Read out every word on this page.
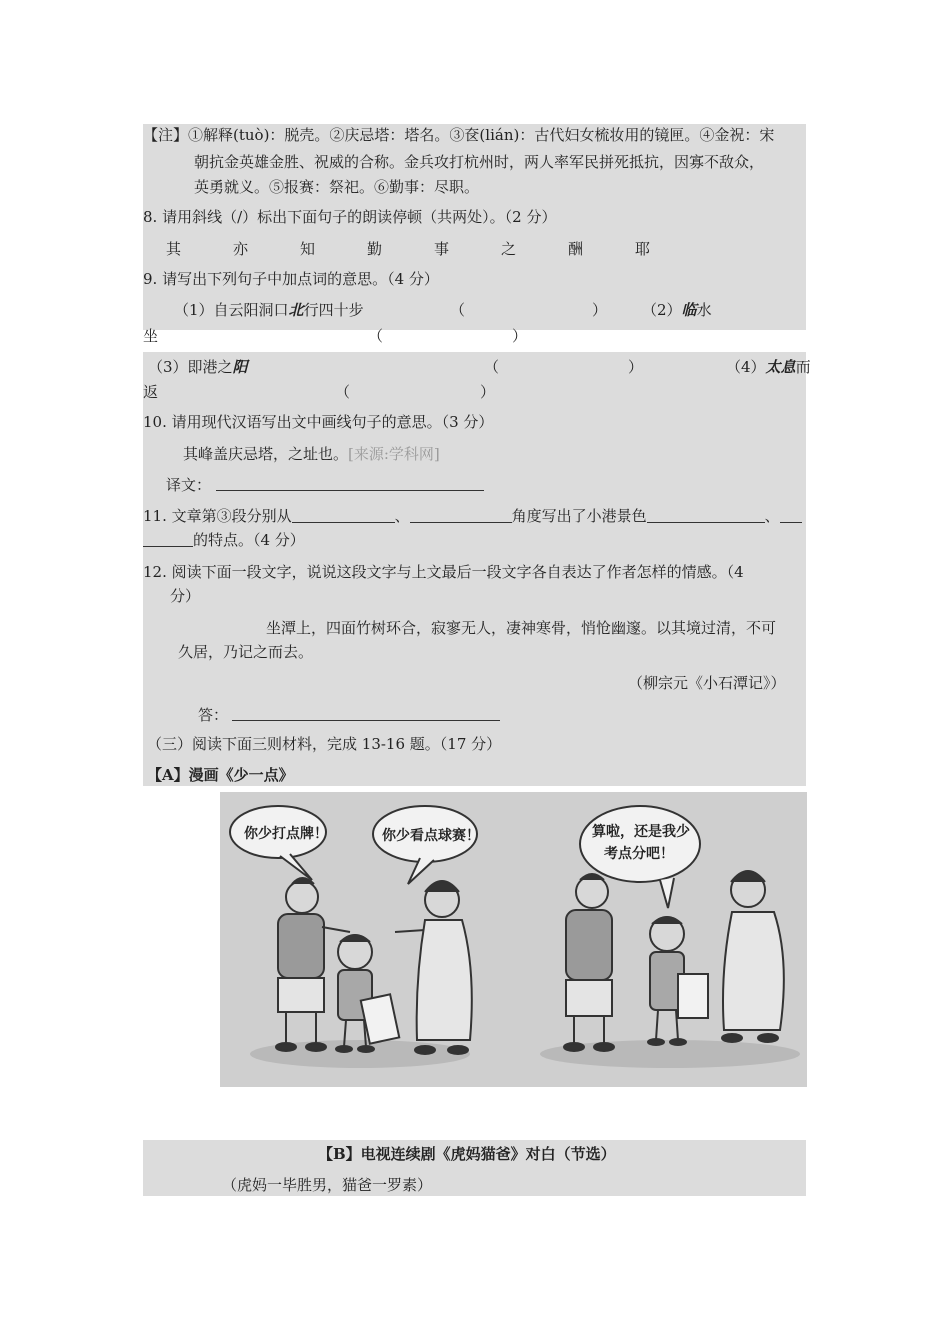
【注】①解释(tuò)：脱壳。②庆忌塔：塔名。③奁(lián)：古代妇女梳妆用的镜匣。④金祝：宋
朝抗金英雄金胜、祝威的合称。金兵攻打杭州时，两人率军民拼死抵抗，因寡不敌众，
英勇就义。⑤报赛：祭祀。⑥勤事：尽职。
8. 请用斜线（/）标出下面句子的朗读停顿（共两处）。（2 分）
其	亦	知	勤	事	之	酬	耶
9. 请写出下列句子中加点词的意思。（4 分）
（1）自云阳洞口北行四十步	（	） （2）临水
坐	（	）
（3）即港之阳	（	）	（4）太息而
返	（	）
10. 请用现代汉语写出文中画线句子的意思。（3 分）
其峰盖庆忌塔，之址也。[来源:学科网]
译文：
11. 文章第③段分别从	、	角度写出了小港景色	、
的特点。（4 分）
12. 阅读下面一段文字，说说这段文字与上文最后一段文字各自表达了作者怎样的情感。（4
分）
坐潭上，四面竹树环合，寂寥无人，凄神寒骨，悄怆幽邃。以其境过清，不可
久居，乃记之而去。
（柳宗元《小石潭记》）
答：
（三）阅读下面三则材料，完成 13-16 题。（17 分）
【A】漫画《少一点》
你少打点牌！	你少看点球赛！	算啦，还是我少
考点分吧！
【B】电视连续剧《虎妈猫爸》对白（节选）
（虎妈一毕胜男，猫爸一罗素）
